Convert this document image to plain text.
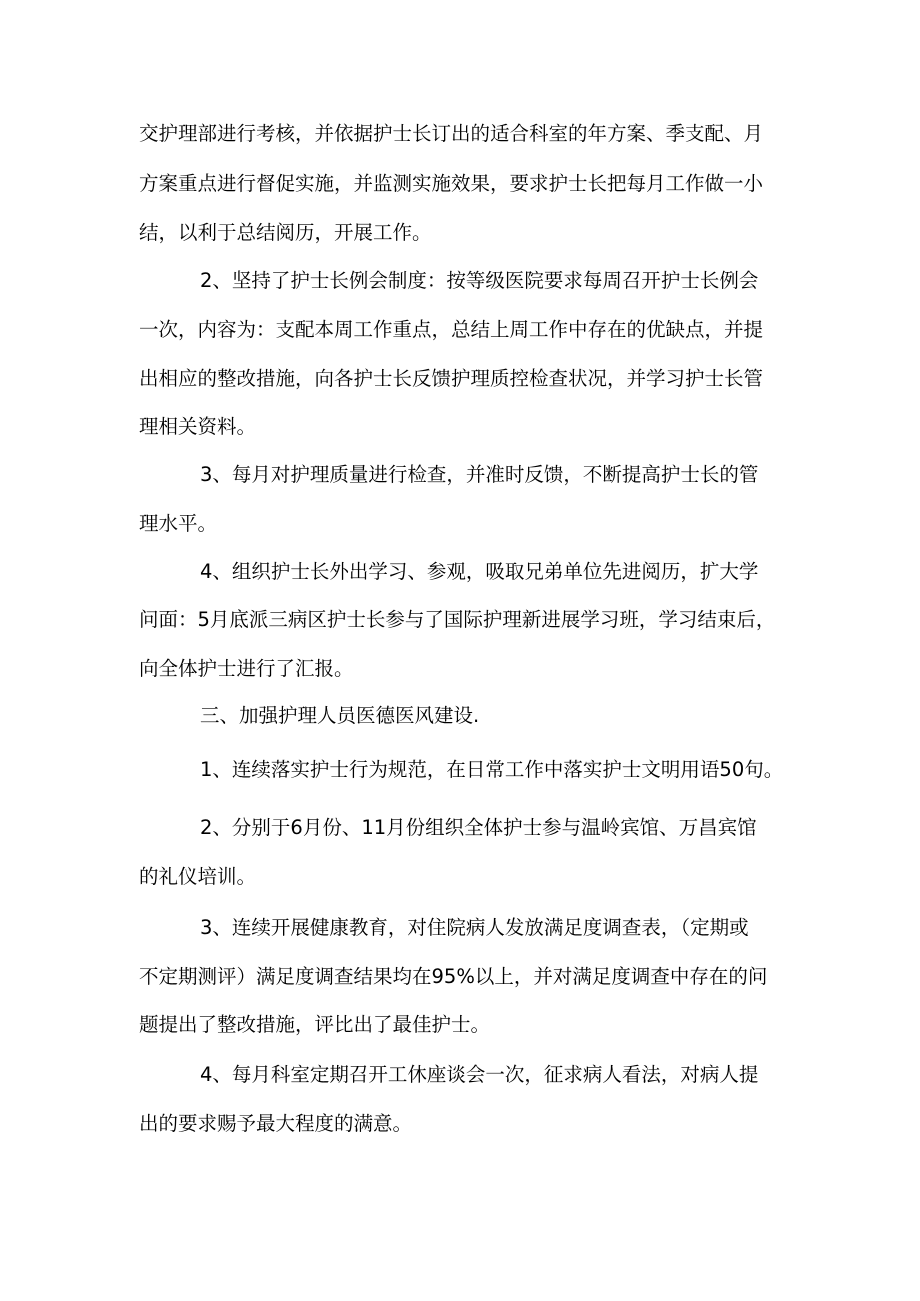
交护理部进行考核，并依据护士长订出的适合科室的年方案、季支配、月
方案重点进行督促实施，并监测实施效果，要求护士长把每月工作做一小
结，以利于总结阅历，开展工作。
2、坚持了护士长例会制度：按等级医院要求每周召开护士长例会
一次，内容为：支配本周工作重点，总结上周工作中存在的优缺点，并提
出相应的整改措施，向各护士长反馈护理质控检查状况，并学习护士长管
理相关资料。
3、每月对护理质量进行检查，并准时反馈，不断提高护士长的管
理水平。
4、组织护士长外出学习、参观，吸取兄弟单位先进阅历，扩大学
问面：5月底派三病区护士长参与了国际护理新进展学习班，学习结束后，
向全体护士进行了汇报。
三、加强护理人员医德医风建设.
1、连续落实护士行为规范，在日常工作中落实护士文明用语50句。
2、分别于6月份、11月份组织全体护士参与温岭宾馆、万昌宾馆
的礼仪培训。
3、连续开展健康教育，对住院病人发放满足度调查表，（定期或
不定期测评）满足度调查结果均在95%以上，并对满足度调查中存在的问
题提出了整改措施，评比出了最佳护士。
4、每月科室定期召开工休座谈会一次，征求病人看法，对病人提
出的要求赐予最大程度的满意。
